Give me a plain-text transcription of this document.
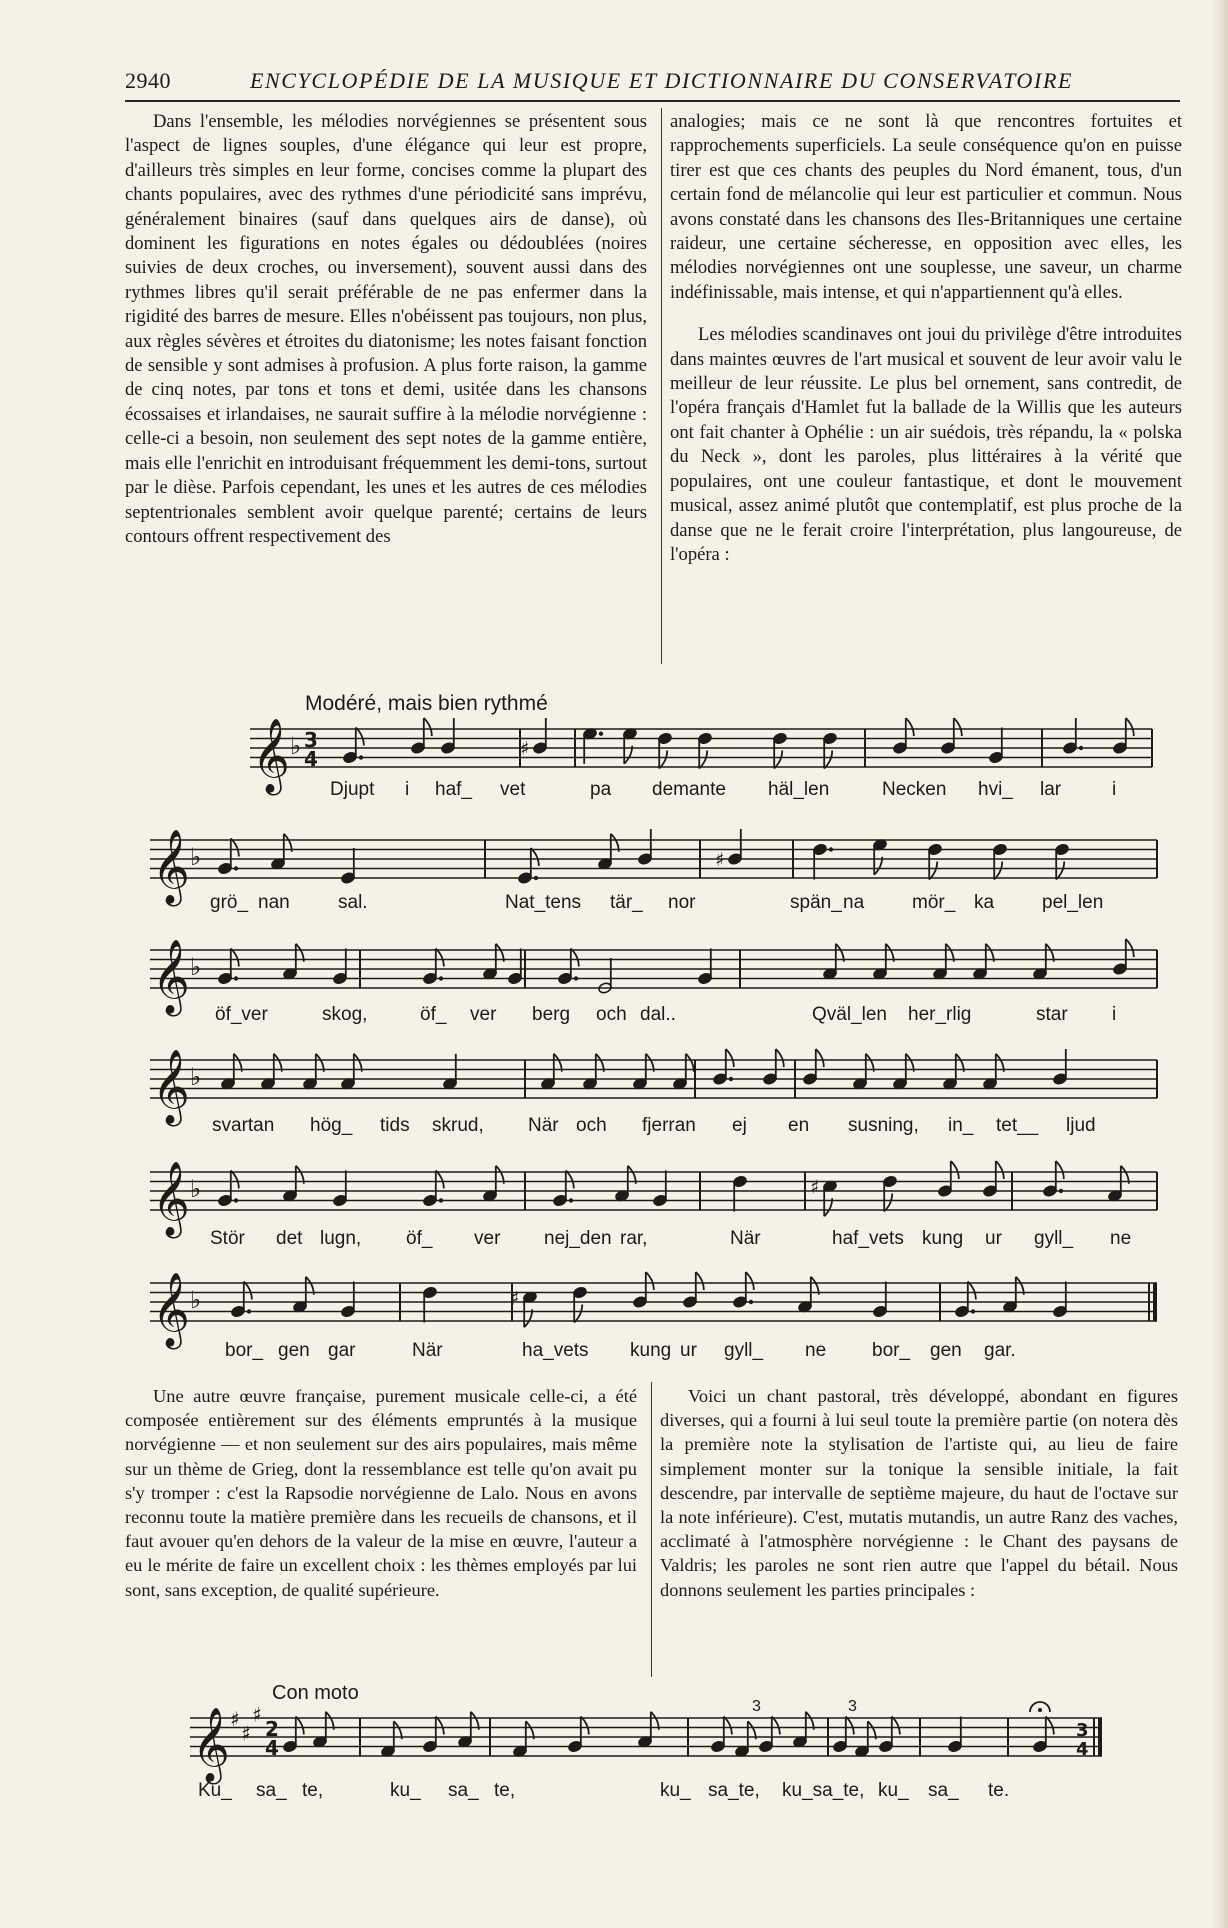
2940	ENCYCLOPÉDIE DE LA MUSIQUE ET DICTIONNAIRE DU CONSERVATOIRE

Dans l'ensemble, les mélodies norvégiennes se présentent sous l'aspect de lignes souples, d'une élégance qui leur est propre, d'ailleurs très simples en leur forme, concises comme la plupart des chants populaires, avec des rythmes d'une périodicité sans imprévu, généralement binaires (sauf dans quelques airs de danse), où dominent les figurations en notes égales ou dédoublées (noires suivies de deux croches, ou inversement), souvent aussi dans des rythmes libres qu'il serait préférable de ne pas enfermer dans la rigidité des barres de mesure. Elles n'obéissent pas toujours, non plus, aux règles sévères et étroites du diatonisme; les notes faisant fonction de sensible y sont admises à profusion. A plus forte raison, la gamme de cinq notes, par tons et tons et demi, usitée dans les chansons écossaises et irlandaises, ne saurait suffire à la mélodie norvégienne : celle-ci a besoin, non seulement des sept notes de la gamme entière, mais elle l'enrichit en introduisant fréquemment les demi-tons, surtout par le dièse. Parfois cependant, les unes et les autres de ces mélodies septentrionales semblent avoir quelque parenté; certains de leurs contours offrent respectivement des

analogies; mais ce ne sont là que rencontres fortuites et rapprochements superficiels. La seule conséquence qu'on en puisse tirer est que ces chants des peuples du Nord émanent, tous, d'un certain fond de mélancolie qui leur est particulier et commun. Nous avons constaté dans les chansons des Iles-Britanniques une certaine raideur, une certaine sécheresse, en opposition avec elles, les mélodies norvégiennes ont une souplesse, une saveur, un charme indéfinissable, mais intense, et qui n'appartiennent qu'à elles.

Les mélodies scandinaves ont joui du privilège d'être introduites dans maintes œuvres de l'art musical et souvent de leur avoir valu le meilleur de leur réussite. Le plus bel ornement, sans contredit, de l'opéra français d'Hamlet fut la ballade de la Willis que les auteurs ont fait chanter à Ophélie : un air suédois, très répandu, la « polska du Neck », dont les paroles, plus littéraires à la vérité que populaires, ont une couleur fantastique, et dont le mouvement musical, assez animé plutôt que contemplatif, est plus proche de la danse que ne le ferait croire l'interprétation, plus langoureuse, de l'opéra :

Modéré, mais bien rythmé
𝄞 ♭ 3
4	♯
𝄞 ♭	♯
𝄞 ♭
𝄞 ♭
𝄞 ♭	♯
𝄞 ♭	♯
𝄞 ♯
♯
♯
2
4
3
4
Djupt i haf_ vet	pa demante häl_len	Necken hvi_ lar	i
grö_ nan	sal.	Nat_tens tär_ nor	spän_ na	mör_ ka	pel_len
öf_ver	skog,	öf_ ver berg och dal..	Qväl_len her_rlig	star i
svartan hög_ tids skrud, När och fjerran ej en susning, in_ tet__ ljud
Stör det lugn, öf_ ver nej_den rar,	När	haf_vets kung ur gyll_ ne
bor_ gen gar	När	ha_vets kung ur gyll_ ne bor_ gen gar.

Une autre œuvre française, purement musicale celle-ci, a été composée entièrement sur des éléments empruntés à la musique norvégienne — et non seulement sur des airs populaires, mais même sur un thème de Grieg, dont la ressemblance est telle qu'on avait pu s'y tromper : c'est la Rapsodie norvégienne de Lalo. Nous en avons reconnu toute la matière première dans les recueils de chansons, et il faut avouer qu'en dehors de la valeur de la mise en œuvre, l'auteur a eu le mérite de faire un excellent choix : les thèmes employés par lui sont, sans exception, de qualité supérieure.

Voici un chant pastoral, très développé, abondant en figures diverses, qui a fourni à lui seul toute la première partie (on notera dès la première note la stylisation de l'artiste qui, au lieu de faire simplement monter sur la tonique la sensible initiale, la fait descendre, par intervalle de septième majeure, du haut de l'octave sur la note inférieure). C'est, mutatis mutandis, un autre Ranz des vaches, acclimaté à l'atmosphère norvégienne : le Chant des paysans de Valdris; les paroles ne sont rien autre que l'appel du bétail. Nous donnons seulement les parties principales :

Con moto
3	3
Ku_ sa_ te,	ku_ sa_ te,	ku_ sa_te, ku_sa_te, ku_ sa_ te.
